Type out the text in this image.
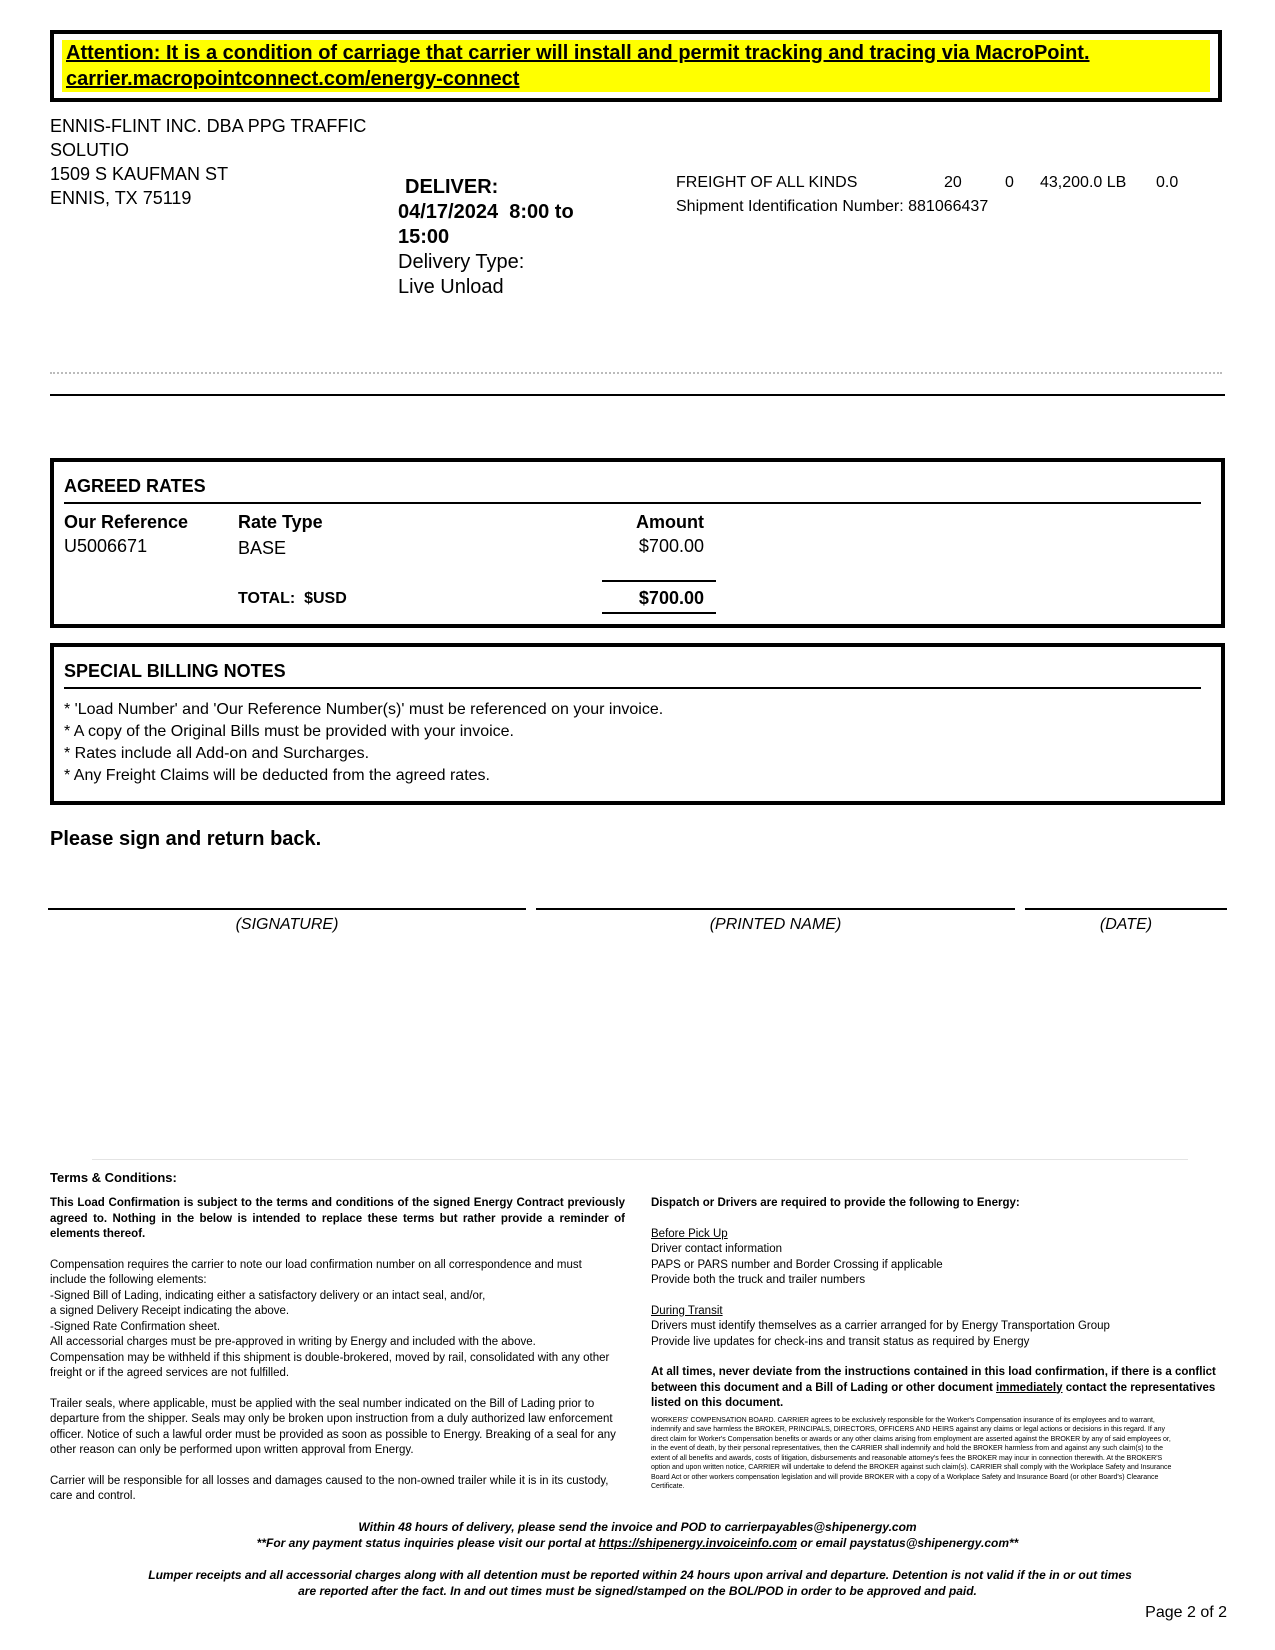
Attention: It is a condition of carriage that carrier will install and permit tracking and tracing via MacroPoint.
carrier.macropointconnect.com/energy-connect
ENNIS-FLINT INC. DBA PPG TRAFFIC
SOLUTIO
1509 S KAUFMAN ST
ENNIS, TX 75119	DELIVER:
04/17/2024  8:00 to
15:00
Delivery Type:
Live Unload
FREIGHT OF ALL KINDS	20	0 43,200.0 LB 0.0
Shipment Identification Number: 881066437
AGREED RATES
Our Reference	Rate Type	Amount
U5006671	BASE	$700.00
TOTAL:  $USD	$700.00
SPECIAL BILLING NOTES
* 'Load Number' and 'Our Reference Number(s)' must be referenced on your invoice.
* A copy of the Original Bills must be provided with your invoice.
* Rates include all Add-on and Surcharges.
* Any Freight Claims will be deducted from the agreed rates.
Please sign and return back.
(SIGNATURE)	(PRINTED NAME)	(DATE)
Terms & Conditions:

This Load Confirmation is subject to the terms and conditions of the signed Energy Contract previously agreed to. Nothing in the below is intended to replace these terms but rather provide a reminder of elements thereof.

Compensation requires the carrier to note our load confirmation number on all correspondence and must

include the following elements:

-Signed Bill of Lading, indicating either a satisfactory delivery or an intact seal, and/or,

a signed Delivery Receipt indicating the above.

-Signed Rate Confirmation sheet.

All accessorial charges must be pre-approved in writing by Energy and included with the above.

Compensation may be withheld if this shipment is double-brokered, moved by rail, consolidated with any other freight or if the agreed services are not fulfilled.

Trailer seals, where applicable, must be applied with the seal number indicated on the Bill of Lading prior to departure from the shipper. Seals may only be broken upon instruction from a duly authorized law enforcement officer. Notice of such a lawful order must be provided as soon as possible to Energy. Breaking of a seal for any other reason can only be performed upon written approval from Energy.

Carrier will be responsible for all losses and damages caused to the non-owned trailer while it is in its custody, care and control.

Dispatch or Drivers are required to provide the following to Energy:

Before Pick Up

Driver contact information

PAPS or PARS number and Border Crossing if applicable

Provide both the truck and trailer numbers

During Transit

Drivers must identify themselves as a carrier arranged for by Energy Transportation Group

Provide live updates for check-ins and transit status as required by Energy

At all times, never deviate from the instructions contained in this load confirmation, if there is a conflict between this document and a Bill of Lading or other document immediately contact the representatives listed on this document.

WORKERS' COMPENSATION BOARD. CARRIER agrees to be exclusively responsible for the Worker's Compensation insurance of its employees and to warrant, indemnify and save harmless the BROKER, PRINCIPALS, DIRECTORS, OFFICERS AND HEIRS against any claims or legal actions or decisions in this regard. If any direct claim for Worker's Compensation benefits or awards or any other claims arising from employment are asserted against the BROKER by any of said employees or, in the event of death, by their personal representatives, then the CARRIER shall indemnify and hold the BROKER harmless from and against any such claim(s) to the extent of all benefits and awards, costs of litigation, disbursements and reasonable attorney's fees the BROKER may incur in connection therewith. At the BROKER'S option and upon written notice, CARRIER will undertake to defend the BROKER against such claim(s). CARRIER shall comply with the Workplace Safety and Insurance Board Act or other workers compensation legislation and will provide BROKER with a copy of a Workplace Safety and Insurance Board (or other Board's) Clearance Certificate.

Within 48 hours of delivery, please send the invoice and POD to carrierpayables@shipenergy.com
**For any payment status inquiries please visit our portal at https://shipenergy.invoiceinfo.com or email paystatus@shipenergy.com**
Lumper receipts and all accessorial charges along with all detention must be reported within 24 hours upon arrival and departure. Detention is not valid if the in or out times
are reported after the fact. In and out times must be signed/stamped on the BOL/POD in order to be approved and paid.
Page 2 of 2
